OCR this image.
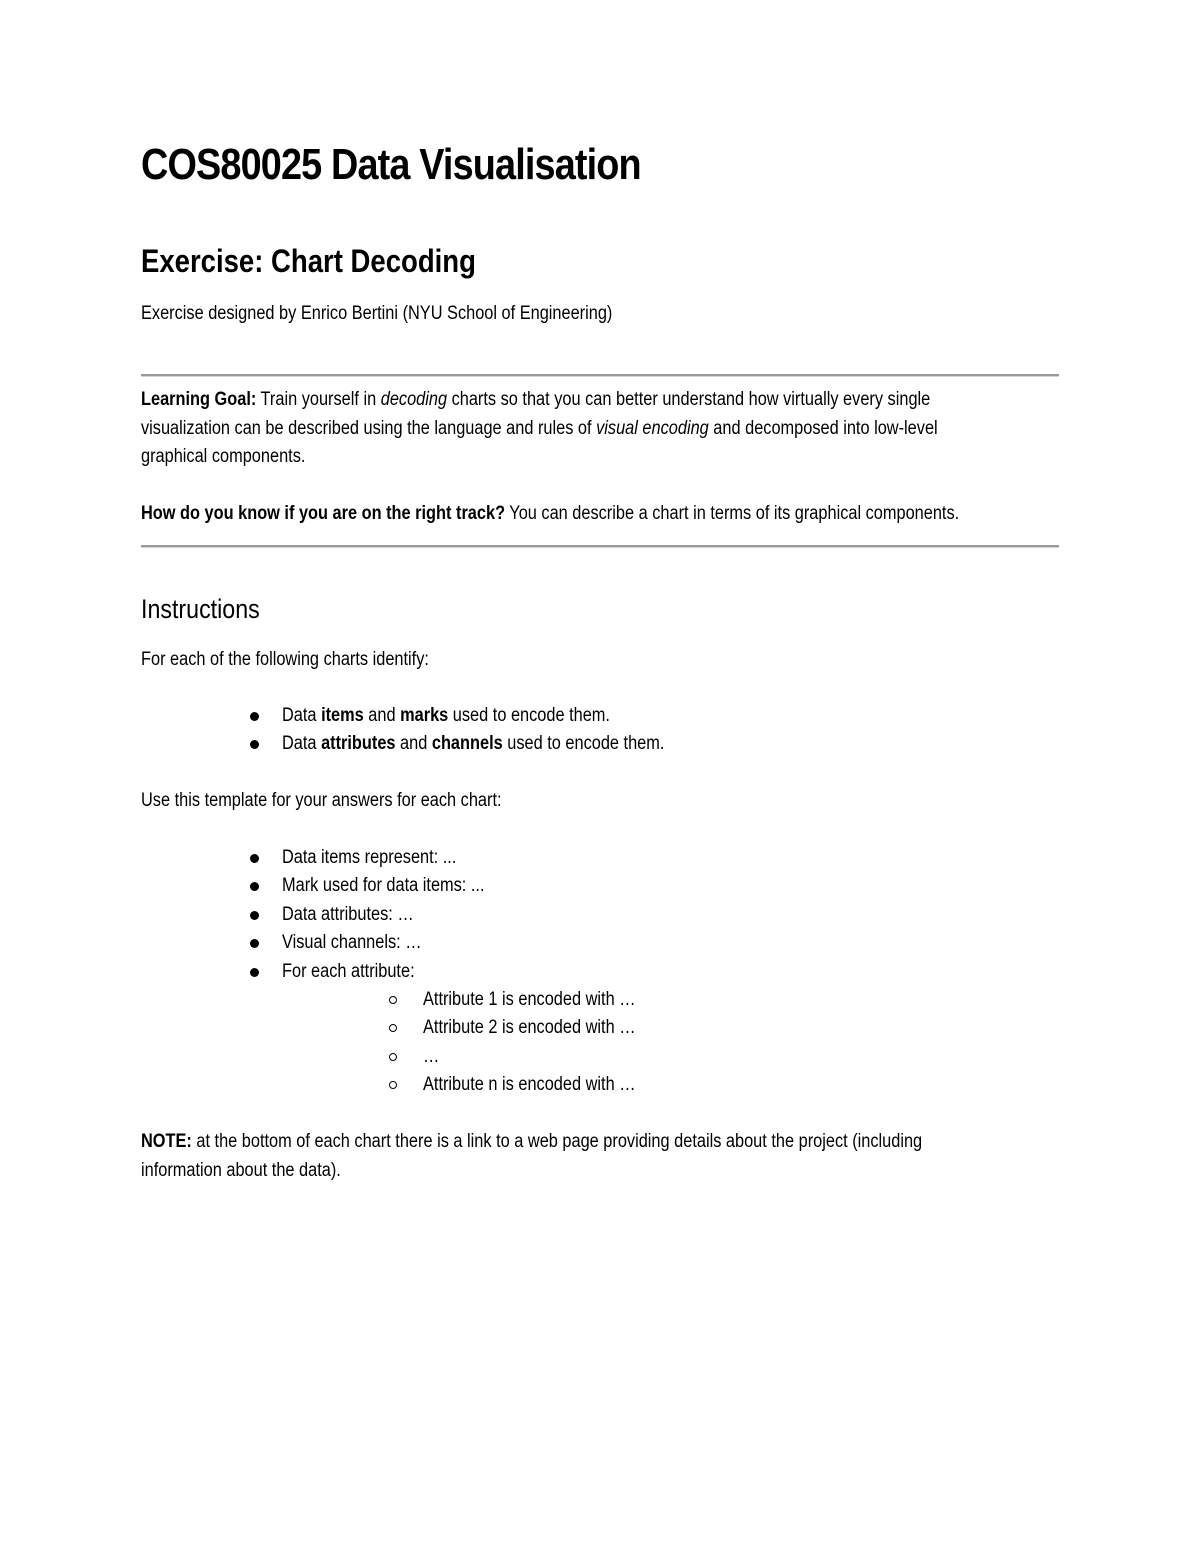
COS80025 Data Visualisation
Exercise: Chart Decoding

Exercise designed by Enrico Bertini (NYU School of Engineering)

Learning Goal: Train yourself in decoding charts so that you can better understand how virtually every single visualization can be described using the language and rules of visual encoding and decomposed into low-level graphical components.

How do you know if you are on the right track? You can describe a chart in terms of its graphical components.

Instructions

For each of the following charts identify:

Data items and marks used to encode them.
Data attributes and channels used to encode them.

Use this template for your answers for each chart:

Data items represent: ...
Mark used for data items: ...
Data attributes: …
Visual channels: …
For each attribute:
Attribute 1 is encoded with …
Attribute 2 is encoded with …
…
Attribute n is encoded with …

NOTE: at the bottom of each chart there is a link to a web page providing details about the project (including information about the data).
